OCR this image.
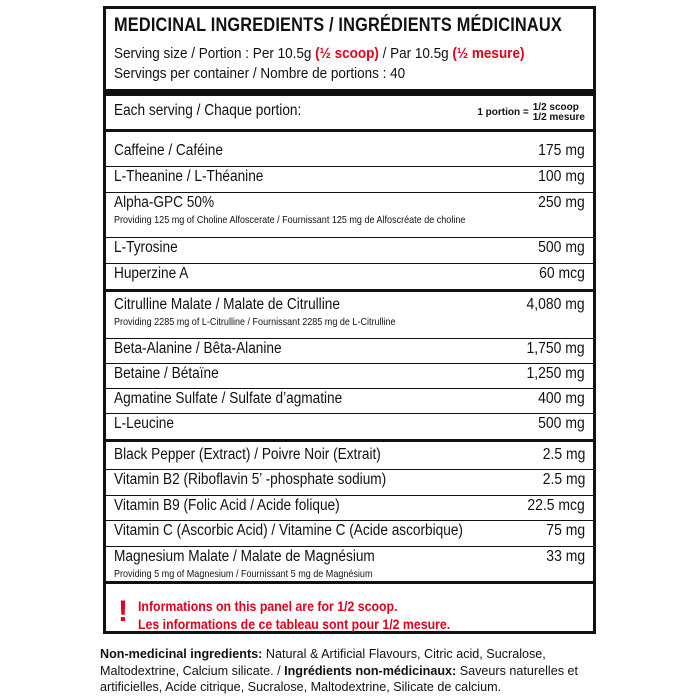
MEDICINAL INGREDIENTS / INGRÉDIENTS MÉDICINAUX
Serving size / Portion : Per 10.5g (½ scoop) / Par 10.5g (½ mesure)
Servings per container / Nombre de portions : 40
Each serving / Chaque portion:	1 portion = 1/2 scoop
1/2 mesure
Caffeine / Caféine	175 mg
L-Theanine / L-Théanine	100 mg
Alpha-GPC 50%	250 mg
Providing 125 mg of Choline Alfoscerate / Fournissant 125 mg de Alfoscréate de choline
L-Tyrosine	500 mg
Huperzine A	60 mcg
Citrulline Malate / Malate de Citrulline	4,080 mg
Providing 2285 mg of L-Citrulline / Fournissant 2285 mg de L-Citrulline
Beta-Alanine / Bêta-Alanine	1,750 mg
Betaine / Bétaïne	1,250 mg
Agmatine Sulfate / Sulfate d’agmatine	400 mg
L-Leucine	500 mg
Black Pepper (Extract) / Poivre Noir (Extrait)	2.5 mg
Vitamin B2 (Riboflavin 5’ -phosphate sodium)	2.5 mg
Vitamin B9 (Folic Acid / Acide folique)	22.5 mcg
Vitamin C (Ascorbic Acid) / Vitamine C (Acide ascorbique)	75 mg
Magnesium Malate / Malate de Magnésium	33 mg
Providing 5 mg of Magnesium / Fournissant 5 mg de Magnésium
! Informations on this panel are for 1/2 scoop.
Les informations de ce tableau sont pour 1/2 mesure.
Non-medicinal ingredients: Natural & Artificial Flavours, Citric acid, Sucralose, Maltodextrine, Calcium silicate. / Ingrédients non-médicinaux: Saveurs naturelles et artificielles, Acide citrique, Sucralose, Maltodextrine, Silicate de calcium.
